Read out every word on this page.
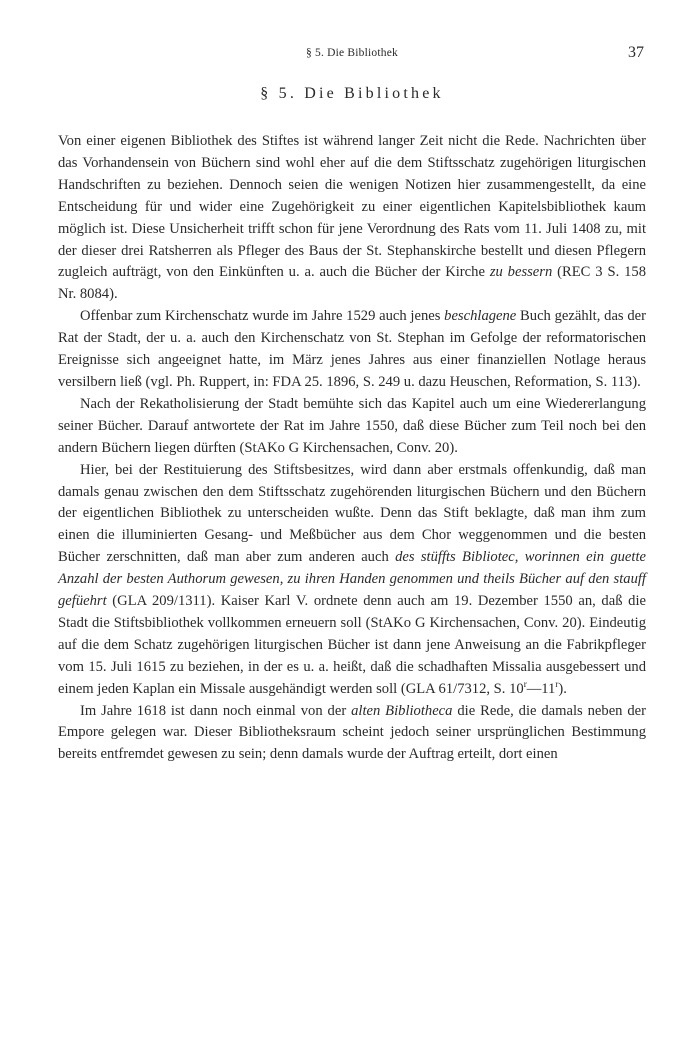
§ 5. Die Bibliothek	37
§ 5. Die Bibliothek

Von einer eigenen Bibliothek des Stiftes ist während langer Zeit nicht die Rede. Nachrichten über das Vorhandensein von Büchern sind wohl eher auf die dem Stiftsschatz zugehörigen liturgischen Handschriften zu beziehen. Dennoch seien die wenigen Notizen hier zusammengestellt, da eine Entscheidung für und wider eine Zugehörigkeit zu einer eigentlichen Kapitelsbibliothek kaum möglich ist. Diese Unsicherheit trifft schon für jene Verordnung des Rats vom 11. Juli 1408 zu, mit der dieser drei Ratsherren als Pfleger des Baus der St. Stephanskirche bestellt und diesen Pflegern zugleich aufträgt, von den Einkünften u. a. auch die Bücher der Kirche zu bessern (REC 3 S. 158 Nr. 8084).

Offenbar zum Kirchenschatz wurde im Jahre 1529 auch jenes beschlagene Buch gezählt, das der Rat der Stadt, der u. a. auch den Kirchenschatz von St. Stephan im Gefolge der reformatorischen Ereignisse sich angeeignet hatte, im März jenes Jahres aus einer finanziellen Notlage heraus versilbern ließ (vgl. Ph. Ruppert, in: FDA 25. 1896, S. 249 u. dazu Heuschen, Reformation, S. 113).

Nach der Rekatholisierung der Stadt bemühte sich das Kapitel auch um eine Wiedererlangung seiner Bücher. Darauf antwortete der Rat im Jahre 1550, daß diese Bücher zum Teil noch bei den andern Büchern liegen dürften (StAKo G Kirchensachen, Conv. 20).

Hier, bei der Restituierung des Stiftsbesitzes, wird dann aber erstmals offenkundig, daß man damals genau zwischen den dem Stiftsschatz zugehörenden liturgischen Büchern und den Büchern der eigentlichen Bibliothek zu unterscheiden wußte. Denn das Stift beklagte, daß man ihm zum einen die illuminierten Gesang- und Meßbücher aus dem Chor weggenommen und die besten Bücher zerschnitten, daß man aber zum anderen auch des stüffts Bibliotec, worinnen ein guette Anzahl der besten Authorum gewesen, zu ihren Handen genommen und theils Bücher auf den stauff gefüehrt (GLA 209/1311). Kaiser Karl V. ordnete denn auch am 19. Dezember 1550 an, daß die Stadt die Stiftsbibliothek vollkommen erneuern soll (StAKo G Kirchensachen, Conv. 20). Eindeutig auf die dem Schatz zugehörigen liturgischen Bücher ist dann jene Anweisung an die Fabrikpfleger vom 15. Juli 1615 zu beziehen, in der es u. a. heißt, daß die schadhaften Missalia ausgebessert und einem jeden Kaplan ein Missale ausgehändigt werden soll (GLA 61/7312, S. 10$^r$—11$^r$).

Im Jahre 1618 ist dann noch einmal von der alten Bibliotheca die Rede, die damals neben der Empore gelegen war. Dieser Bibliotheksraum scheint jedoch seiner ursprünglichen Bestimmung bereits entfremdet gewesen zu sein; denn damals wurde der Auftrag erteilt, dort einen
